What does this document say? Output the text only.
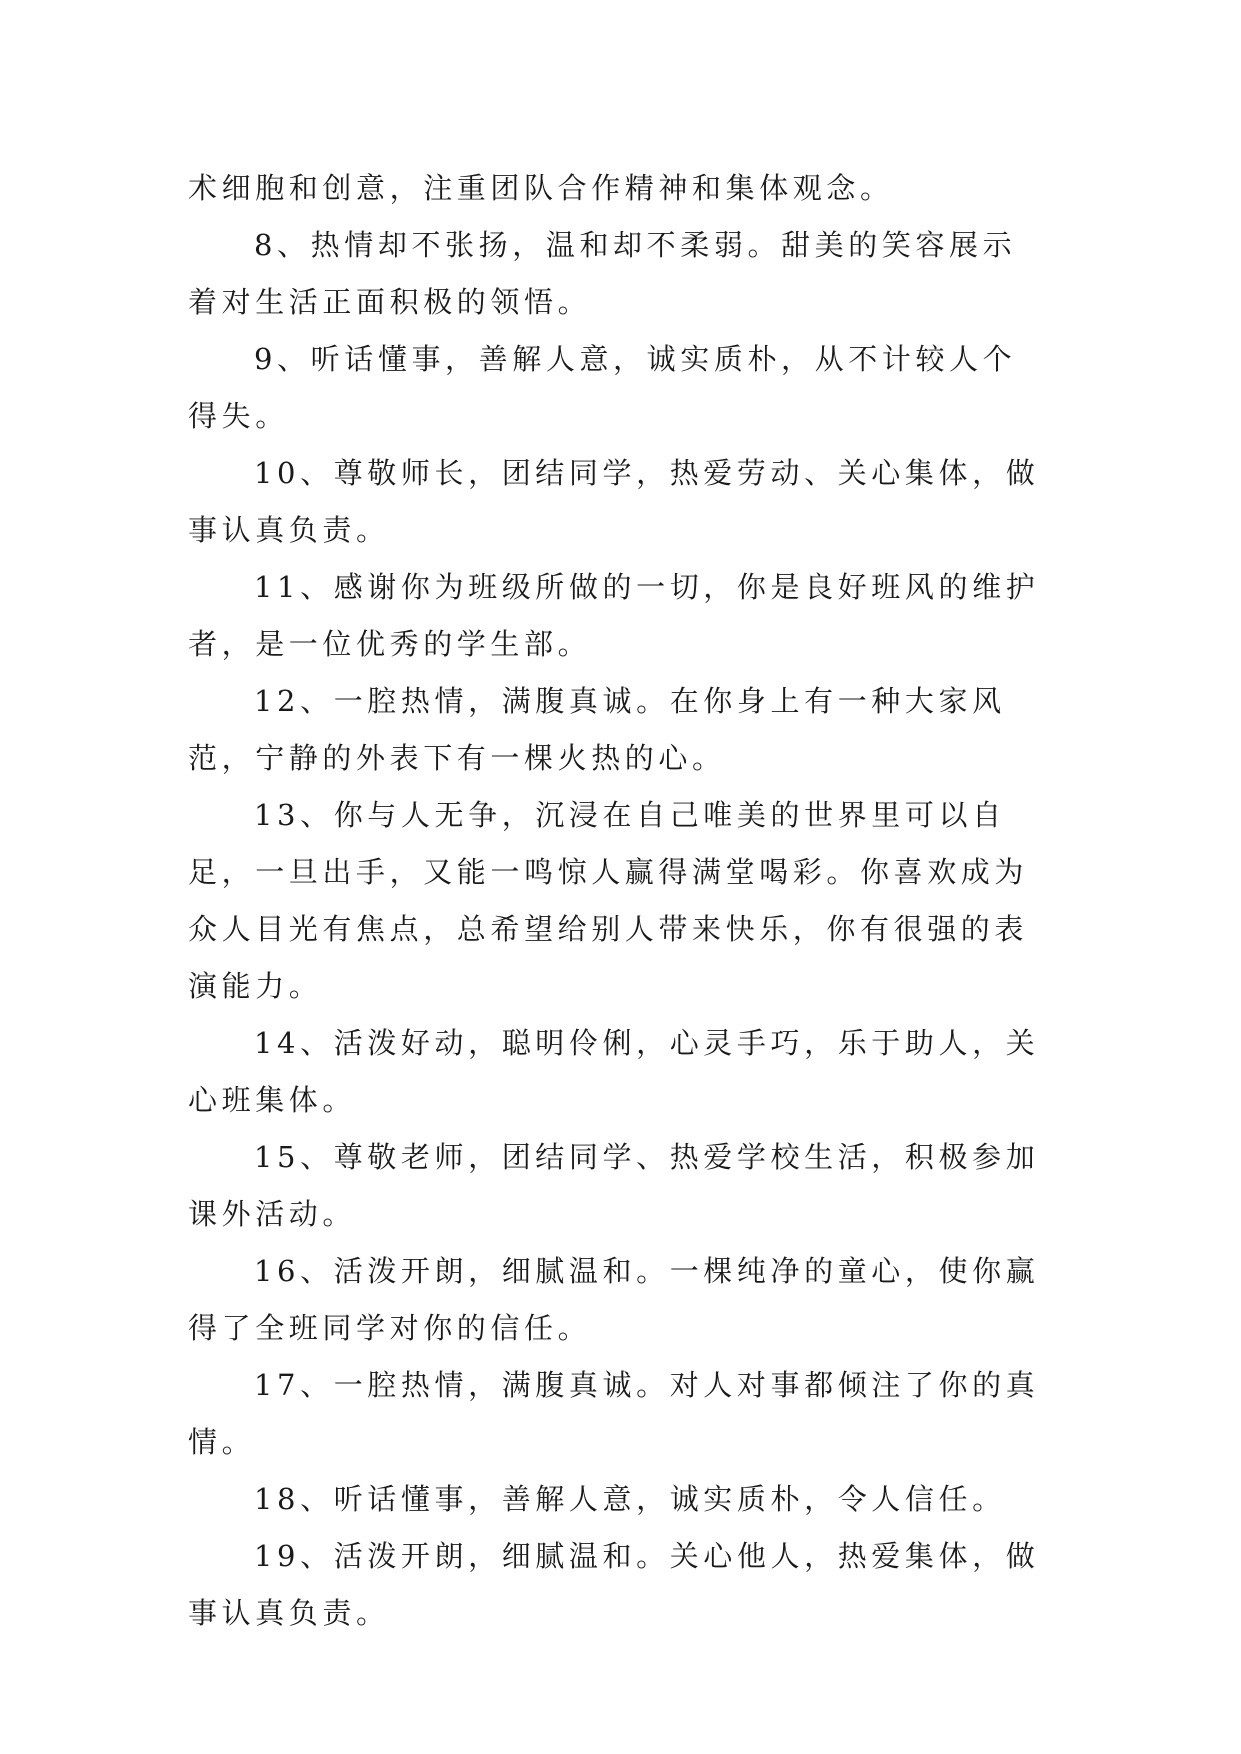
术细胞和创意，注重团队合作精神和集体观念。

8、热情却不张扬，温和却不柔弱。甜美的笑容展示着对生活正面积极的领悟。

9、听话懂事，善解人意，诚实质朴，从不计较人个得失。

10、尊敬师长，团结同学，热爱劳动、关心集体，做事认真负责。

11、感谢你为班级所做的一切，你是良好班风的维护者，是一位优秀的学生部。

12、一腔热情，满腹真诚。在你身上有一种大家风范，宁静的外表下有一棵火热的心。

13、你与人无争，沉浸在自己唯美的世界里可以自足，一旦出手，又能一鸣惊人赢得满堂喝彩。你喜欢成为众人目光有焦点，总希望给别人带来快乐，你有很强的表演能力。

14、活泼好动，聪明伶俐，心灵手巧，乐于助人，关心班集体。

15、尊敬老师，团结同学、热爱学校生活，积极参加课外活动。

16、活泼开朗，细腻温和。一棵纯净的童心，使你赢得了全班同学对你的信任。

17、一腔热情，满腹真诚。对人对事都倾注了你的真情。

18、听话懂事，善解人意，诚实质朴，令人信任。

19、活泼开朗，细腻温和。关心他人，热爱集体，做事认真负责。
